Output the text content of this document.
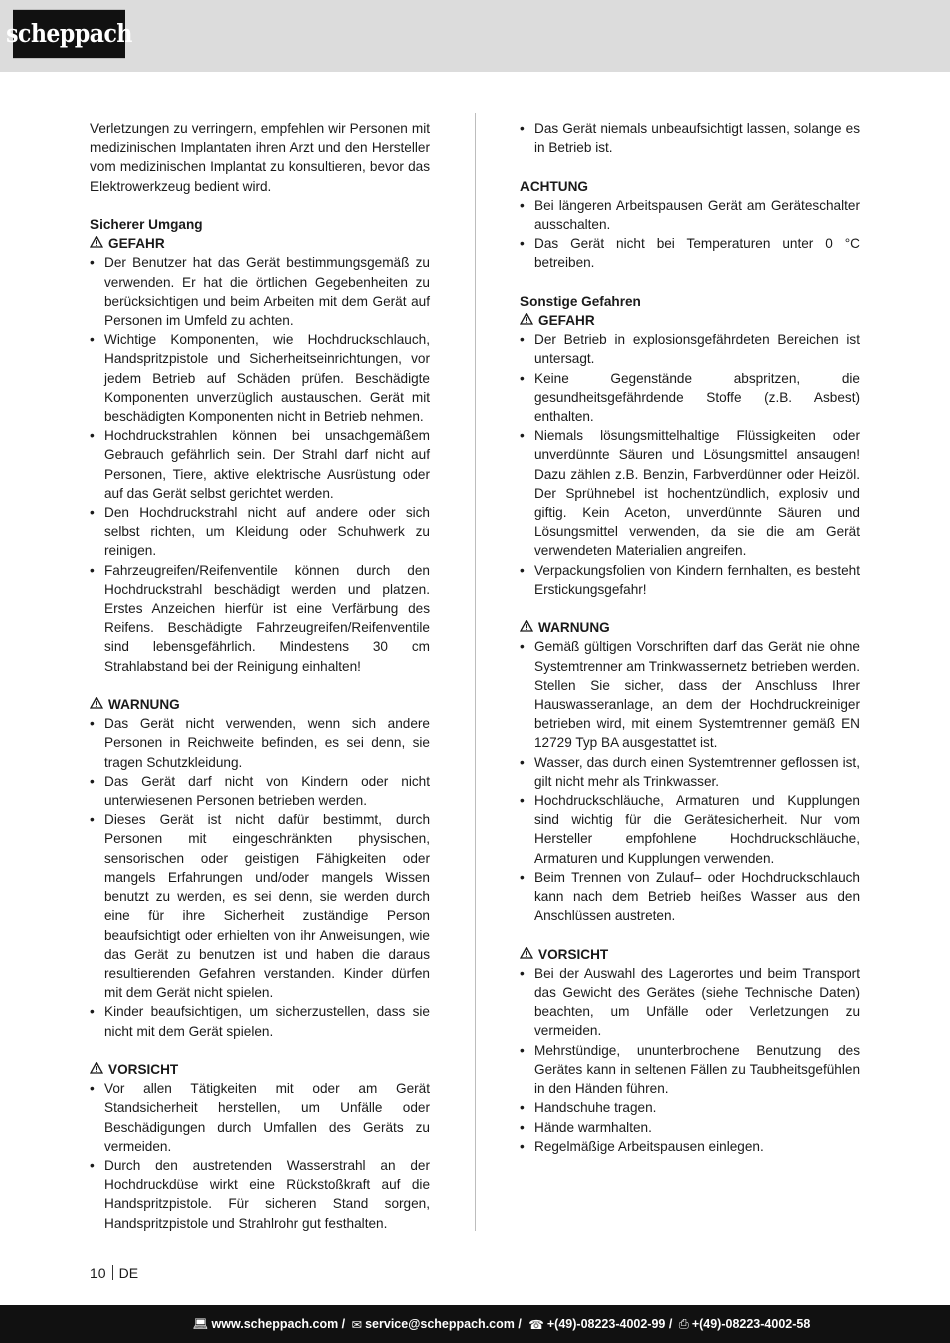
scheppach

Verletzungen zu verringern, empfehlen wir Personen mit medizinischen Implantaten ihren Arzt und den Hersteller vom medizinischen Implantat zu konsultieren, bevor das Elektrowerkzeug bedient wird.

Sicherer Umgang
GEFAHR
• Der Benutzer hat das Gerät bestimmungsgemäß zu verwenden. Er hat die örtlichen Gegebenheiten zu berücksichtigen und beim Arbeiten mit dem Gerät auf Personen im Umfeld zu achten.
• Wichtige Komponenten, wie Hochdruckschlauch, Handspritzpistole und Sicherheitseinrichtungen, vor jedem Betrieb auf Schäden prüfen. Beschädigte Komponenten unverzüglich austauschen. Gerät mit beschädigten Komponenten nicht in Betrieb nehmen.
• Hochdruckstrahlen können bei unsachgemäßem Gebrauch gefährlich sein. Der Strahl darf nicht auf Personen, Tiere, aktive elektrische Ausrüstung oder auf das Gerät selbst gerichtet werden.
• Den Hochdruckstrahl nicht auf andere oder sich selbst richten, um Kleidung oder Schuhwerk zu reinigen.
• Fahrzeugreifen/Reifenventile können durch den Hochdruckstrahl beschädigt werden und platzen. Erstes Anzeichen hierfür ist eine Verfärbung des Reifens. Beschädigte Fahrzeugreifen/Reifenventile sind lebensgefährlich. Mindestens 30 cm Strahlabstand bei der Reinigung einhalten!
WARNUNG
• Das Gerät nicht verwenden, wenn sich andere Personen in Reichweite befinden, es sei denn, sie tragen Schutzkleidung.
• Das Gerät darf nicht von Kindern oder nicht unterwiesenen Personen betrieben werden.
• Dieses Gerät ist nicht dafür bestimmt, durch Personen mit eingeschränkten physischen, sensorischen oder geistigen Fähigkeiten oder mangels Erfahrungen und/oder mangels Wissen benutzt zu werden, es sei denn, sie werden durch eine für ihre Sicherheit zuständige Person beaufsichtigt oder erhielten von ihr Anweisungen, wie das Gerät zu benutzen ist und haben die daraus resultierenden Gefahren verstanden. Kinder dürfen mit dem Gerät nicht spielen.
• Kinder beaufsichtigen, um sicherzustellen, dass sie nicht mit dem Gerät spielen.
VORSICHT
• Vor allen Tätigkeiten mit oder am Gerät Standsicherheit herstellen, um Unfälle oder Beschädigungen durch Umfallen des Geräts zu vermeiden.
• Durch den austretenden Wasserstrahl an der Hochdruckdüse wirkt eine Rückstoßkraft auf die Handspritzpistole. Für sicheren Stand sorgen, Handspritzpistole und Strahlrohr gut festhalten.
• Das Gerät niemals unbeaufsichtigt lassen, solange es in Betrieb ist.
ACHTUNG
• Bei längeren Arbeitspausen Gerät am Geräteschalter ausschalten.
• Das Gerät nicht bei Temperaturen unter 0 °C betreiben.
Sonstige Gefahren
GEFAHR
• Der Betrieb in explosionsgefährdeten Bereichen ist untersagt.
• Keine Gegenstände abspritzen, die gesundheitsgefährdende Stoffe (z.B. Asbest) enthalten.
• Niemals lösungsmittelhaltige Flüssigkeiten oder unverdünnte Säuren und Lösungsmittel ansaugen! Dazu zählen z.B. Benzin, Farbverdünner oder Heizöl. Der Sprühnebel ist hochentzündlich, explosiv und giftig. Kein Aceton, unverdünnte Säuren und Lösungsmittel verwenden, da sie die am Gerät verwendeten Materialien angreifen.
• Verpackungsfolien von Kindern fernhalten, es besteht Erstickungsgefahr!
WARNUNG
• Gemäß gültigen Vorschriften darf das Gerät nie ohne Systemtrenner am Trinkwassernetz betrieben werden. Stellen Sie sicher, dass der Anschluss Ihrer Hauswasseranlage, an dem der Hochdruckreiniger betrieben wird, mit einem Systemtrenner gemäß EN 12729 Typ BA ausgestattet ist.
• Wasser, das durch einen Systemtrenner geflossen ist, gilt nicht mehr als Trinkwasser.
• Hochdruckschläuche, Armaturen und Kupplungen sind wichtig für die Gerätesicherheit. Nur vom Hersteller empfohlene Hochdruckschläuche, Armaturen und Kupplungen verwenden.
• Beim Trennen von Zulauf– oder Hochdruckschlauch kann nach dem Betrieb heißes Wasser aus den Anschlüssen austreten.
VORSICHT
• Bei der Auswahl des Lagerortes und beim Transport das Gewicht des Gerätes (siehe Technische Daten) beachten, um Unfälle oder Verletzungen zu vermeiden.
• Mehrstündige, ununterbrochene Benutzung des Gerätes kann in seltenen Fällen zu Taubheitsgefühlen in den Händen führen.
• Handschuhe tragen.
• Hände warmhalten.
• Regelmäßige Arbeitspausen einlegen.
10 DE
💻︎ www.scheppach.com / ✉︎ service@scheppach.com / ☎︎ +(49)-08223-4002-99 / ⎙︎ +(49)-08223-4002-58
